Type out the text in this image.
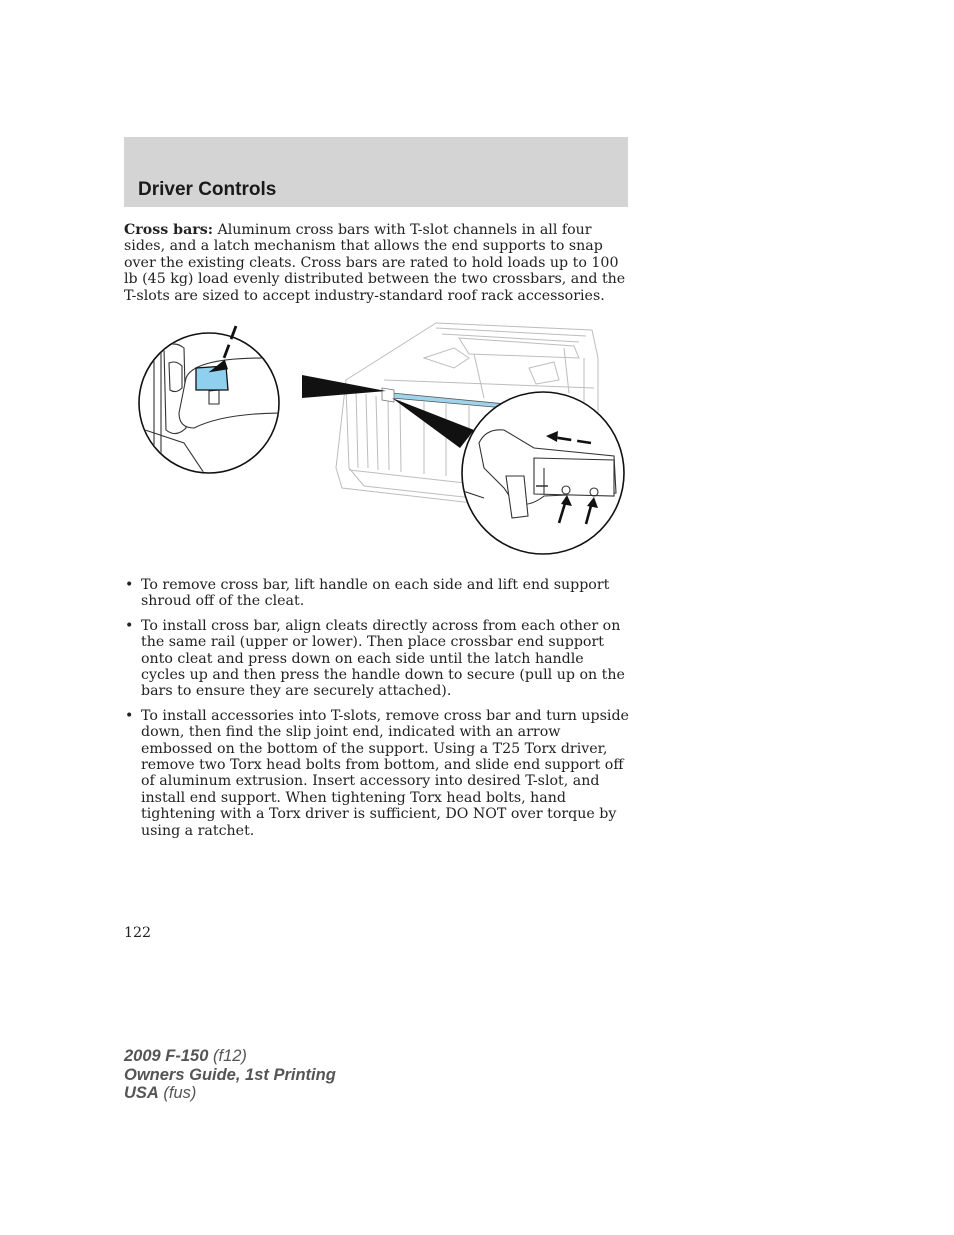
Driver Controls

Cross bars: Aluminum cross bars with T-slot channels in all four sides, and a latch mechanism that allows the end supports to snap over the existing cleats. Cross bars are rated to hold loads up to 100 lb (45 kg) load evenly distributed between the two crossbars, and the T-slots are sized to accept industry-standard roof rack accessories.

• To remove cross bar, lift handle on each side and lift end support shroud off of the cleat.
• To install cross bar, align cleats directly across from each other on the same rail (upper or lower). Then place crossbar end support onto cleat and press down on each side until the latch handle cycles up and then press the handle down to secure (pull up on the bars to ensure they are securely attached).
• To install accessories into T-slots, remove cross bar and turn upside down, then find the slip joint end, indicated with an arrow embossed on the bottom of the support. Using a T25 Torx driver, remove two Torx head bolts from bottom, and slide end support off of aluminum extrusion. Insert accessory into desired T-slot, and install end support. When tightening Torx head bolts, hand tightening with a Torx driver is sufficient, DO NOT over torque by using a ratchet.
122
2009 F-150 (f12)
Owners Guide, 1st Printing
USA (fus)
